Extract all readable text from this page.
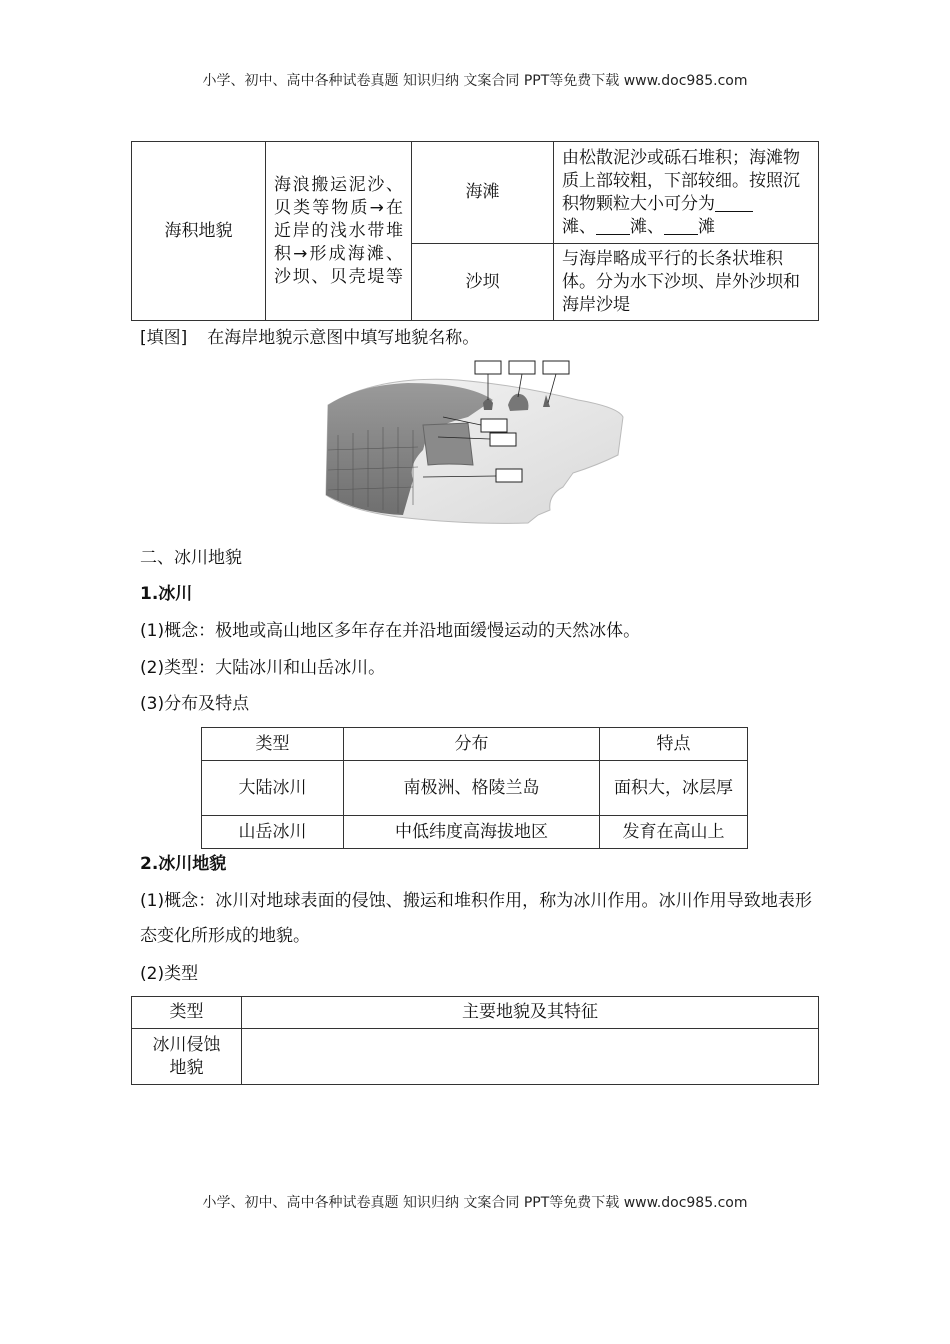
小学、初中、高中各种试卷真题 知识归纳 文案合同 PPT等免费下载 www.doc985.com
海积地貌	海浪搬运泥沙、贝类等物质→在近岸的浅水带堆积→形成海滩、沙坝、贝壳堤等	海滩	由松散泥沙或砾石堆积；海滩物质上部较粗，下部较细。按照沉积物颗粒大小可分为
滩、 滩、 滩
		沙坝	与海岸略成平行的长条状堆积体。分为水下沙坝、岸外沙坝和海岸沙堤
[填图] 在海岸地貌示意图中填写地貌名称。
二、冰川地貌
1.冰川
(1)概念：极地或高山地区多年存在并沿地面缓慢运动的天然冰体。
(2)类型：大陆冰川和山岳冰川。
(3)分布及特点
类型	分布	特点
大陆冰川	南极洲、格陵兰岛	面积大，冰层厚
山岳冰川	中低纬度高海拔地区	发育在高山上
2.冰川地貌
(1)概念：冰川对地球表面的侵蚀、搬运和堆积作用，称为冰川作用。冰川作用导致地表形态变化所形成的地貌。
(2)类型
类型	主要地貌及其特征
冰川侵蚀地貌	
小学、初中、高中各种试卷真题 知识归纳 文案合同 PPT等免费下载 www.doc985.com
